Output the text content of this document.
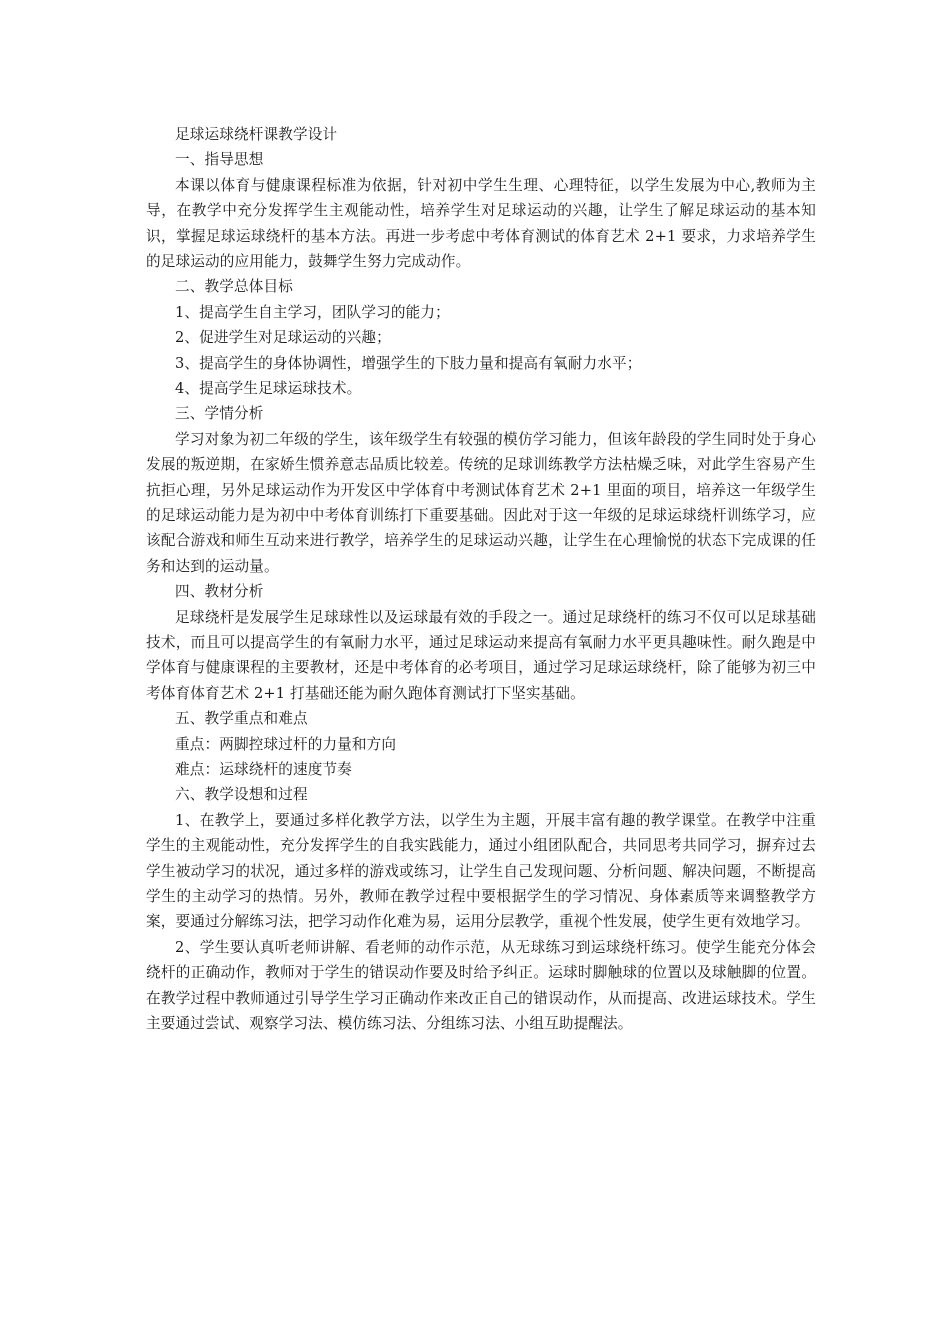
足球运球绕杆课教学设计
一、指导思想

本课以体育与健康课程标准为依据，针对初中学生生理、心理特征，以学生发展为中心,教师为主导，在教学中充分发挥学生主观能动性，培养学生对足球运动的兴趣，让学生了解足球运动的基本知识，掌握足球运球绕杆的基本方法。再进一步考虑中考体育测试的体育艺术 2+1 要求，力求培养学生的足球运动的应用能力，鼓舞学生努力完成动作。

二、教学总体目标
1、提高学生自主学习，团队学习的能力；
2、促进学生对足球运动的兴趣；
3、提高学生的身体协调性，增强学生的下肢力量和提高有氧耐力水平；
4、提高学生足球运球技术。
三、学情分析

学习对象为初二年级的学生，该年级学生有较强的模仿学习能力，但该年龄段的学生同时处于身心发展的叛逆期，在家娇生惯养意志品质比较差。传统的足球训练教学方法枯燥乏味，对此学生容易产生抗拒心理，另外足球运动作为开发区中学体育中考测试体育艺术 2+1 里面的项目，培养这一年级学生的足球运动能力是为初中中考体育训练打下重要基础。因此对于这一年级的足球运球绕杆训练学习，应该配合游戏和师生互动来进行教学，培养学生的足球运动兴趣，让学生在心理愉悦的状态下完成课的任务和达到的运动量。

四、教材分析

足球绕杆是发展学生足球球性以及运球最有效的手段之一。通过足球绕杆的练习不仅可以足球基础技术，而且可以提高学生的有氧耐力水平，通过足球运动来提高有氧耐力水平更具趣味性。耐久跑是中学体育与健康课程的主要教材，还是中考体育的必考项目，通过学习足球运球绕杆，除了能够为初三中考体育体育艺术 2+1 打基础还能为耐久跑体育测试打下坚实基础。

五、教学重点和难点
重点：两脚控球过杆的力量和方向
难点：运球绕杆的速度节奏
六、教学设想和过程

1、在教学上，要通过多样化教学方法，以学生为主题，开展丰富有趣的教学课堂。在教学中注重学生的主观能动性，充分发挥学生的自我实践能力，通过小组团队配合，共同思考共同学习，摒弃过去学生被动学习的状况，通过多样的游戏或练习，让学生自己发现问题、分析问题、解决问题，不断提高学生的主动学习的热情。另外，教师在教学过程中要根据学生的学习情况、身体素质等来调整教学方案，要通过分解练习法，把学习动作化难为易，运用分层教学，重视个性发展，使学生更有效地学习。

2、学生要认真听老师讲解、看老师的动作示范，从无球练习到运球绕杆练习。使学生能充分体会绕杆的正确动作，教师对于学生的错误动作要及时给予纠正。运球时脚触球的位置以及球触脚的位置。在教学过程中教师通过引导学生学习正确动作来改正自己的错误动作，从而提高、改进运球技术。学生主要通过尝试、观察学习法、模仿练习法、分组练习法、小组互助提醒法。
